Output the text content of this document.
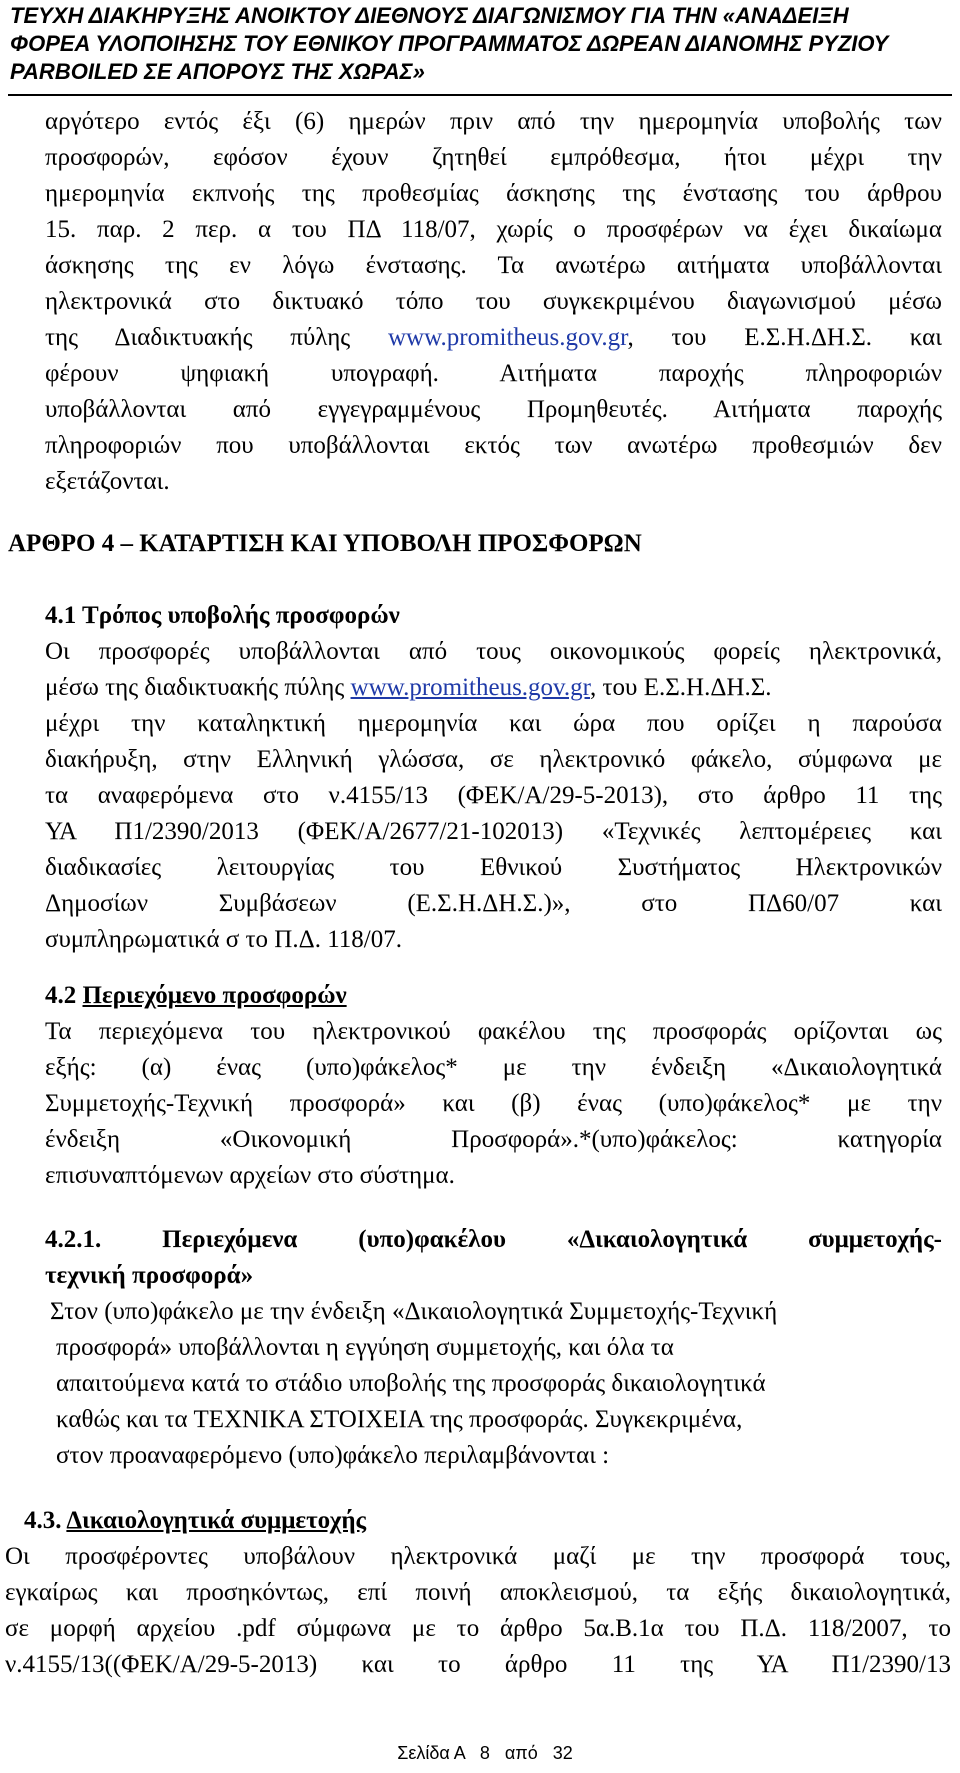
ΤΕΥΧΗ ΔΙΑΚΗΡΥΞΗΣ ΑΝΟΙΚΤΟΥ ΔΙΕΘΝΟΥΣ ΔΙΑΓΩΝΙΣΜΟΥ ΓΙΑ ΤΗΝ «ΑΝΑΔΕΙΞΗ
ΦΟΡΕΑ ΥΛΟΠΟΙΗΣΗΣ ΤΟΥ ΕΘΝΙΚΟΥ ΠΡΟΓΡΑΜΜΑΤΟΣ ΔΩΡΕΑΝ ΔΙΑΝΟΜΗΣ ΡΥΖΙΟΥ
PARBOILED ΣΕ ΑΠΟΡΟΥΣ ΤΗΣ ΧΩΡΑΣ»
αργότερο εντός έξι (6) ημερών πριν από την ημερομηνία υποβολής των
προσφορών, εφόσον έχουν ζητηθεί εμπρόθεσμα, ήτοι μέχρι την
ημερομηνία εκπνοής της προθεσμίας άσκησης της ένστασης του άρθρου
15. παρ. 2 περ. α του ΠΔ 118/07, χωρίς ο προσφέρων να έχει δικαίωμα
άσκησης της εν λόγω ένστασης. Τα ανωτέρω αιτήματα υποβάλλονται
ηλεκτρονικά στο δικτυακό τόπο του συγκεκριμένου διαγωνισμού μέσω
της Διαδικτυακής πύλης www.promitheus.gov.gr, του Ε.Σ.Η.ΔΗ.Σ. και
φέρουν ψηφιακή υπογραφή. Αιτήματα παροχής πληροφοριών
υποβάλλονται από εγγεγραμμένους Προμηθευτές. Αιτήματα παροχής
πληροφοριών που υποβάλλονται εκτός των ανωτέρω προθεσμιών δεν
εξετάζονται.
ΑΡΘΡΟ 4 – ΚΑΤΑΡΤΙΣΗ ΚΑΙ ΥΠΟΒΟΛΗ ΠΡΟΣΦΟΡΩΝ
4.1 Τρόπος υποβολής προσφορών
Οι προσφορές υποβάλλονται από τους οικονομικούς φορείς ηλεκτρονικά,
μέσω της διαδικτυακής πύλης www.promitheus.gov.gr, του Ε.Σ.Η.ΔΗ.Σ.
μέχρι την καταληκτική ημερομηνία και ώρα που ορίζει η παρούσα
διακήρυξη, στην Ελληνική γλώσσα, σε ηλεκτρονικό φάκελο, σύμφωνα με
τα αναφερόμενα στο ν.4155/13 (ΦΕΚ/Α/29-5-2013), στο άρθρο 11 της
ΥΑ Π1/2390/2013 (ΦΕΚ/Α/2677/21-102013) «Τεχνικές λεπτομέρειες και
διαδικασίες λειτουργίας του Εθνικού Συστήματος Ηλεκτρονικών
Δημοσίων Συμβάσεων (Ε.Σ.Η.ΔΗ.Σ.)», στο ΠΔ60/07 και
συμπληρωματικά σ το Π.Δ. 118/07.
4.2 Περιεχόμενο προσφορών
Τα περιεχόμενα του ηλεκτρονικού φακέλου της προσφοράς ορίζονται ως
εξής: (α) ένας (υπο)φάκελος* με την ένδειξη «Δικαιολογητικά
Συμμετοχής-Τεχνική προσφορά» και (β) ένας (υπο)φάκελος* με την
ένδειξη «Οικονομική Προσφορά».*(υπο)φάκελος: κατηγορία
επισυναπτόμενων αρχείων στο σύστημα.
4.2.1. Περιεχόμενα (υπο)φακέλου «Δικαιολογητικά συμμετοχής-
τεχνική προσφορά»
Στον (υπο)φάκελο με την ένδειξη «Δικαιολογητικά Συμμετοχής-Τεχνική
προσφορά» υποβάλλονται η εγγύηση συμμετοχής, και όλα τα
απαιτούμενα κατά το στάδιο υποβολής της προσφοράς δικαιολογητικά
καθώς και τα ΤΕΧΝΙΚΑ ΣΤΟΙΧΕΙΑ της προσφοράς. Συγκεκριμένα,
στον προαναφερόμενο (υπο)φάκελο περιλαμβάνονται :
4.3. Δικαιολογητικά συμμετοχής
Οι προσφέροντες υποβάλουν ηλεκτρονικά μαζί με την προσφορά τους,
εγκαίρως και προσηκόντως, επί ποινή αποκλεισμού, τα εξής δικαιολογητικά,
σε μορφή αρχείου .pdf σύμφωνα με το άρθρο 5α.Β.1α του Π.Δ. 118/2007, το
ν.4155/13((ΦΕΚ/Α/29-5-2013) και το άρθρο 11 της ΥΑ Π1/2390/13
Σελίδα Α 8 από 32
